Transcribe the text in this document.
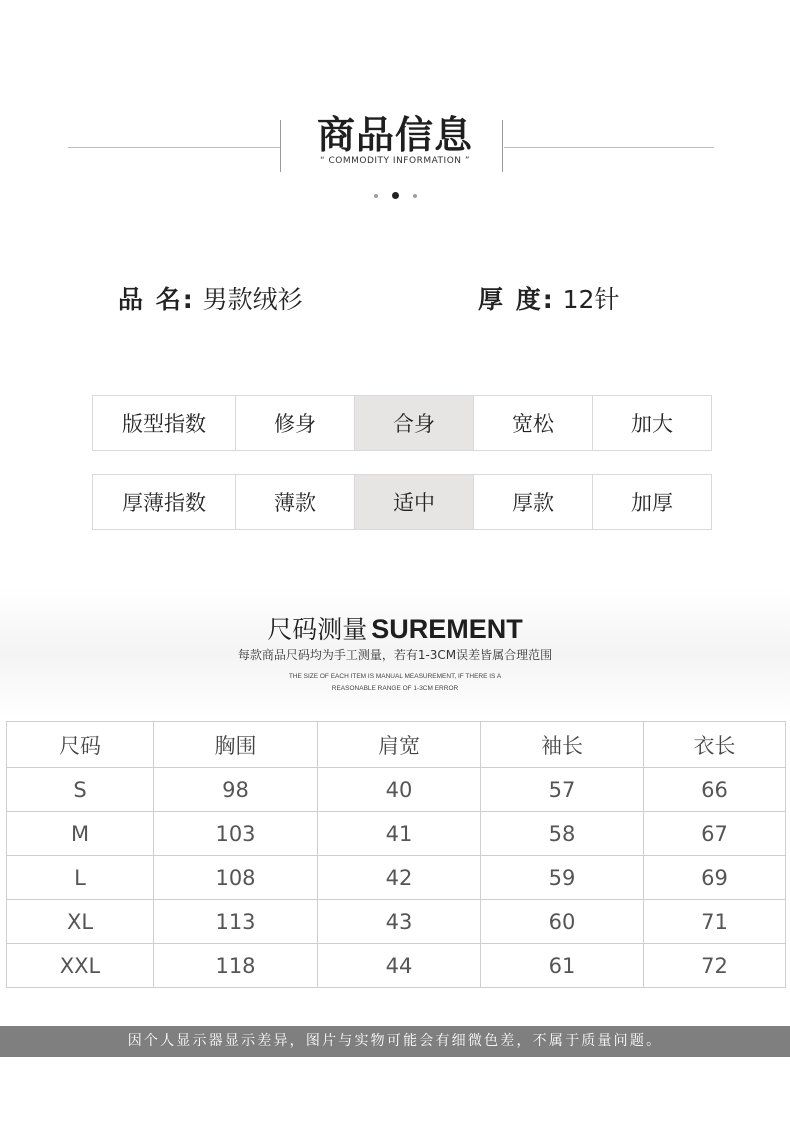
商品信息
“ COMMODITY INFORMATION ”
品 名: 男款绒衫	厚 度: 12针
版型指数	修身	合身	宽松	加大
厚薄指数	薄款	适中	厚款	加厚
尺码测量 SUREMENT
每款商品尺码均为手工测量，若有1-3CM误差皆属合理范围
THE SIZE OF EACH ITEM IS MANUAL MEASUREMENT, IF THERE IS A
REASONABLE RANGE OF 1-3CM ERROR
尺码	胸围	肩宽	袖长	衣长
S	98	40	57	66
M	103	41	58	67
L	108	42	59	69
XL	113	43	60	71
XXL	118	44	61	72
因个人显示器显示差异，图片与实物可能会有细微色差，不属于质量问题。
